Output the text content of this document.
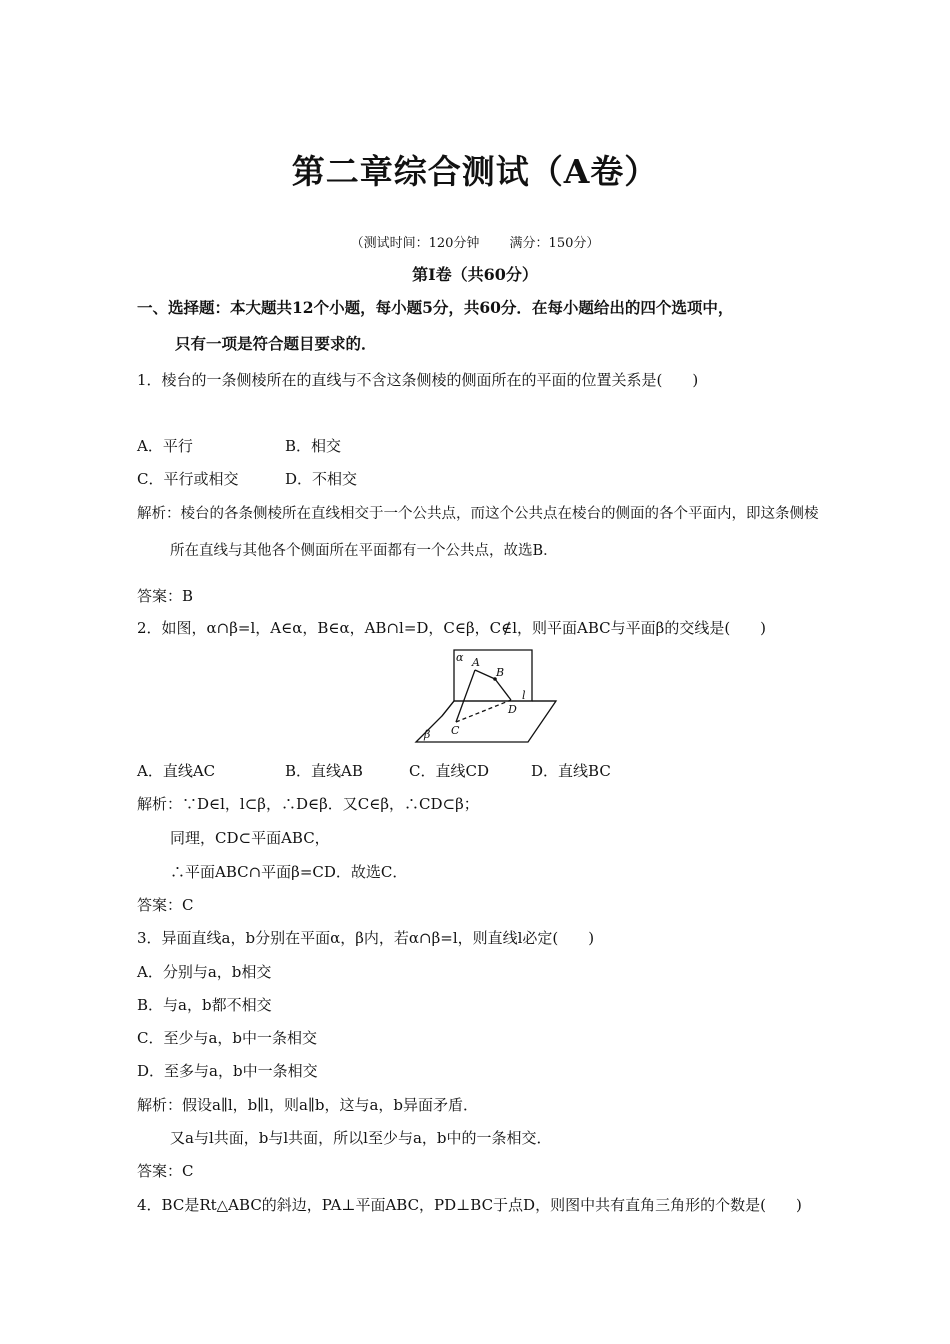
第二章综合测试（A卷）
（测试时间：120分钟　　 满分：150分）
第Ⅰ卷（共60分）
一、选择题：本大题共12个小题，每小题5分，共60分．在每小题给出的四个选项中，
只有一项是符合题目要求的．
1．棱台的一条侧棱所在的直线与不含这条侧棱的侧面所在的平面的位置关系是(　　)
A．平行	B．相交
C．平行或相交	D．不相交
解析：棱台的各条侧棱所在直线相交于一个公共点，而这个公共点在棱台的侧面的各个平面内，即这条侧棱
所在直线与其他各个侧面所在平面都有一个公共点，故选B．
答案：B
2．如图，α∩β=l，A∈α，B∈α，AB∩l=D，C∈β，C∉l，则平面ABC与平面β的交线是(　　)
α A
B
l
D
C
β
A．直线AC	B．直线AB	C．直线CD	D．直线BC
解析：∵D∈l，l⊂β，∴D∈β．又C∈β，∴CD⊂β；
同理，CD⊂平面ABC，
∴平面ABC∩平面β=CD．故选C．
答案：C
3．异面直线a，b分别在平面α，β内，若α∩β=l，则直线l必定(　　)
A．分别与a，b相交
B．与a，b都不相交
C．至少与a，b中一条相交
D．至多与a，b中一条相交
解析：假设a∥l，b∥l，则a∥b，这与a，b异面矛盾．
又a与l共面，b与l共面，所以l至少与a，b中的一条相交．
答案：C
4．BC是Rt△ABC的斜边，PA⊥平面ABC，PD⊥BC于点D，则图中共有直角三角形的个数是(　　)
